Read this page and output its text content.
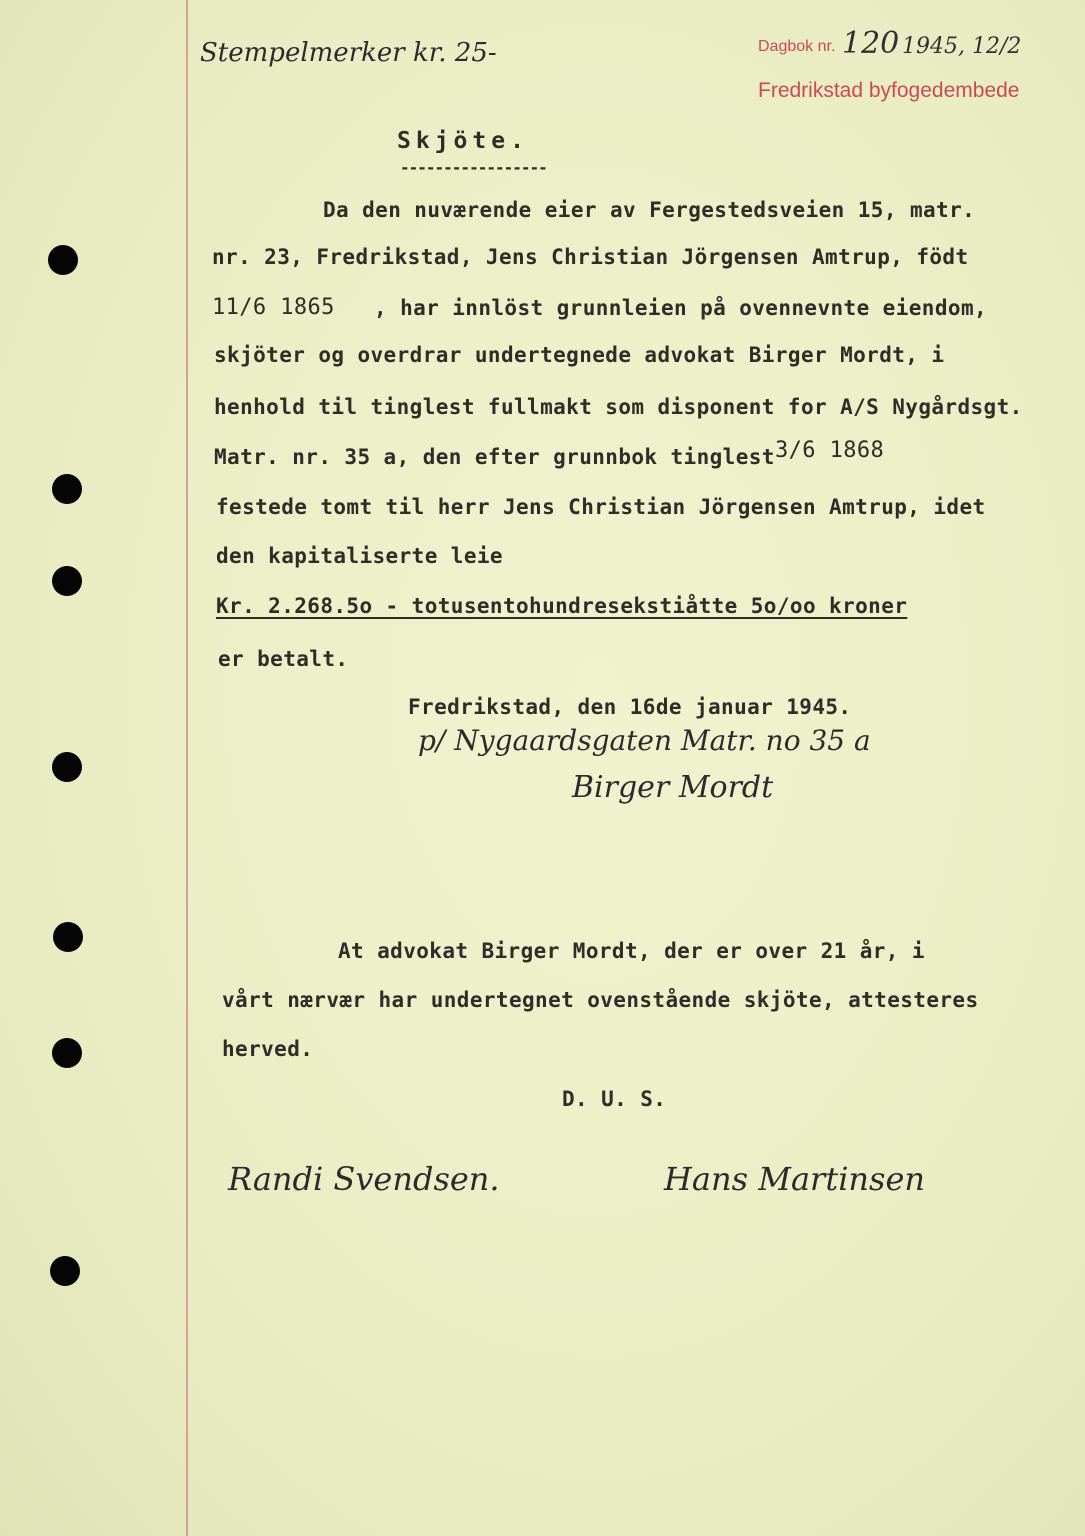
Stempelmerker kr. 25-	Dagbok nr. 120 1945, 12/2
Fredrikstad byfogedembede
Skjöte.
-----------------
Da den nuværende eier av Fergestedsveien 15, matr.
nr. 23, Fredrikstad, Jens Christian Jörgensen Amtrup, födt
11/6 1865 , har innlöst grunnleien på ovennevnte eiendom,
skjöter og overdrar undertegnede advokat Birger Mordt, i
henhold til tinglest fullmakt som disponent for A/S Nygårdsgt.
Matr. nr. 35 a, den efter grunnbok tinglest 3/6 1868
festede tomt til herr Jens Christian Jörgensen Amtrup, idet
den kapitaliserte leie
Kr. 2.268.5o - totusentohundresekstiåtte 5o/oo kroner
er betalt.
Fredrikstad, den 16de januar 1945.
p/ Nygaardsgaten Matr. no 35 a
Birger Mordt
At advokat Birger Mordt, der er over 21 år, i
vårt nærvær har undertegnet ovenstående skjöte, attesteres
herved.
D. U. S.
Randi Svendsen.	Hans Martinsen
